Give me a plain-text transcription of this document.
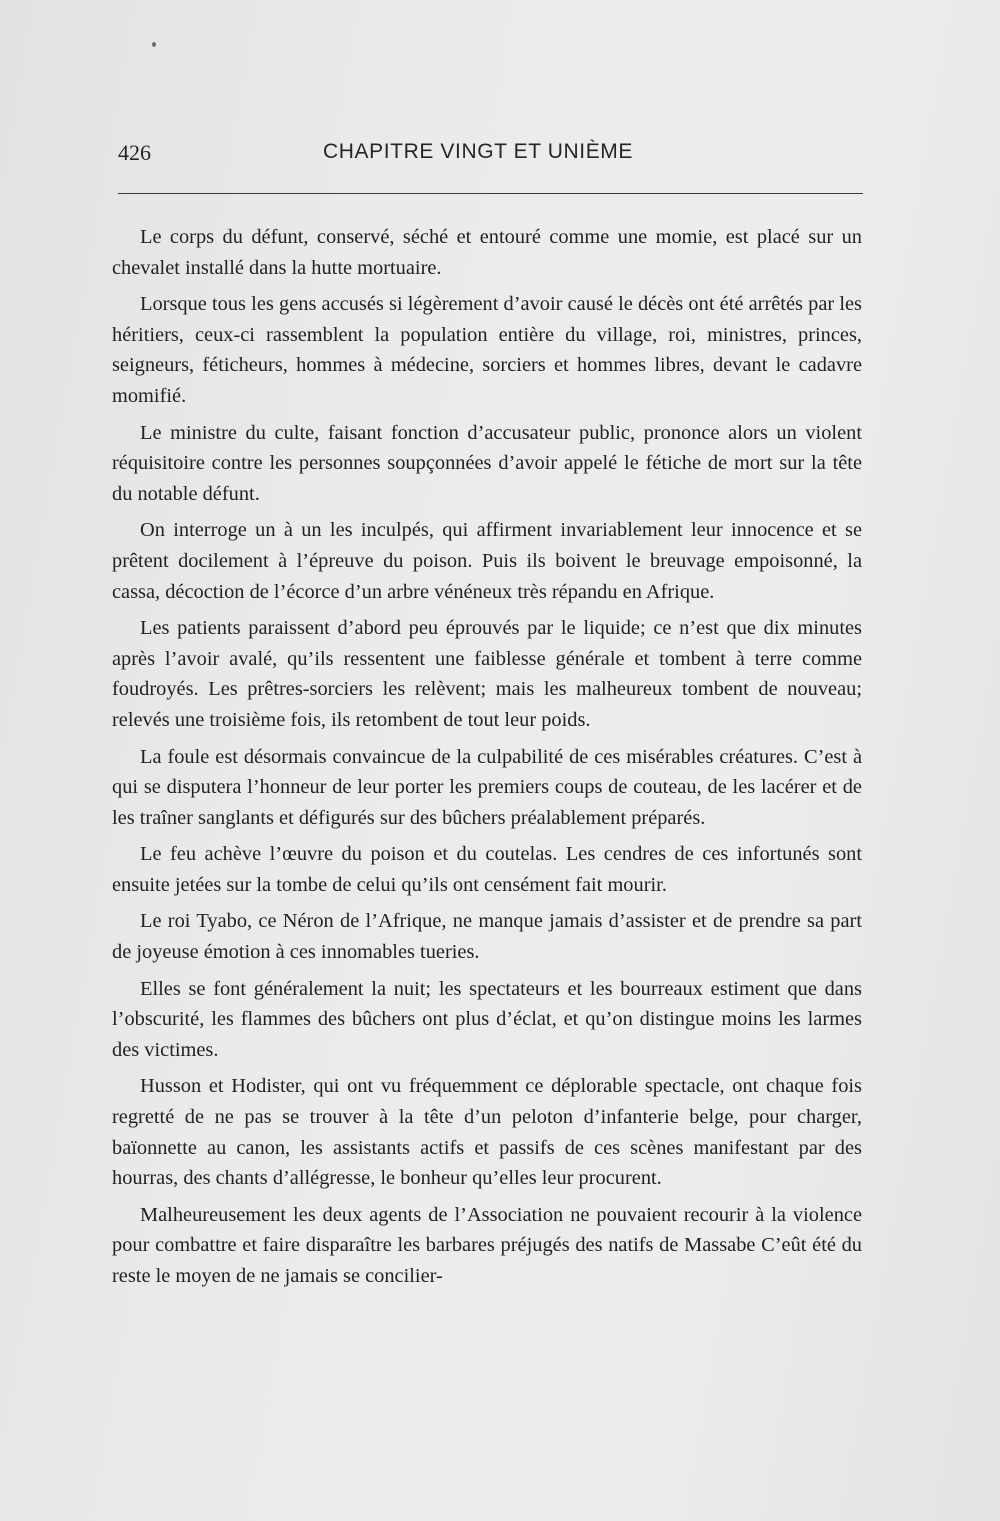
426	CHAPITRE VINGT ET UNIÈME

Le corps du défunt, conservé, séché et entouré comme une momie, est placé sur un chevalet installé dans la hutte mortuaire.

Lorsque tous les gens accusés si légèrement d’avoir causé le décès ont été arrêtés par les héritiers, ceux-ci rassemblent la population entière du village, roi, ministres, princes, seigneurs, féticheurs, hommes à médecine, sorciers et hommes libres, devant le cadavre momifié.

Le ministre du culte, faisant fonction d’accusateur public, prononce alors un violent réquisitoire contre les personnes soupçonnées d’avoir appelé le fétiche de mort sur la tête du notable défunt.

On interroge un à un les inculpés, qui affirment invariablement leur innocence et se prêtent docilement à l’épreuve du poison. Puis ils boivent le breuvage empoisonné, la cassa, décoction de l’écorce d’un arbre vénéneux très répandu en Afrique.

Les patients paraissent d’abord peu éprouvés par le liquide; ce n’est que dix minutes après l’avoir avalé, qu’ils ressentent une faiblesse générale et tombent à terre comme foudroyés. Les prêtres-sorciers les relèvent; mais les malheureux tombent de nouveau; relevés une troisième fois, ils retombent de tout leur poids.

La foule est désormais convaincue de la culpabilité de ces misérables créatures. C’est à qui se disputera l’honneur de leur porter les premiers coups de couteau, de les lacérer et de les traîner sanglants et défigurés sur des bûchers préalablement préparés.

Le feu achève l’œuvre du poison et du coutelas. Les cendres de ces infortunés sont ensuite jetées sur la tombe de celui qu’ils ont censément fait mourir.

Le roi Tyabo, ce Néron de l’Afrique, ne manque jamais d’assister et de prendre sa part de joyeuse émotion à ces innomables tueries.

Elles se font généralement la nuit; les spectateurs et les bourreaux estiment que dans l’obscurité, les flammes des bûchers ont plus d’éclat, et qu’on distingue moins les larmes des victimes.

Husson et Hodister, qui ont vu fréquemment ce déplorable spectacle, ont chaque fois regretté de ne pas se trouver à la tête d’un peloton d’infanterie belge, pour charger, baïonnette au canon, les assistants actifs et passifs de ces scènes manifestant par des hourras, des chants d’allégresse, le bonheur qu’elles leur procurent.

Malheureusement les deux agents de l’Association ne pouvaient recourir à la violence pour combattre et faire disparaître les barbares préjugés des natifs de Massabe C’eût été du reste le moyen de ne jamais se concilier-
